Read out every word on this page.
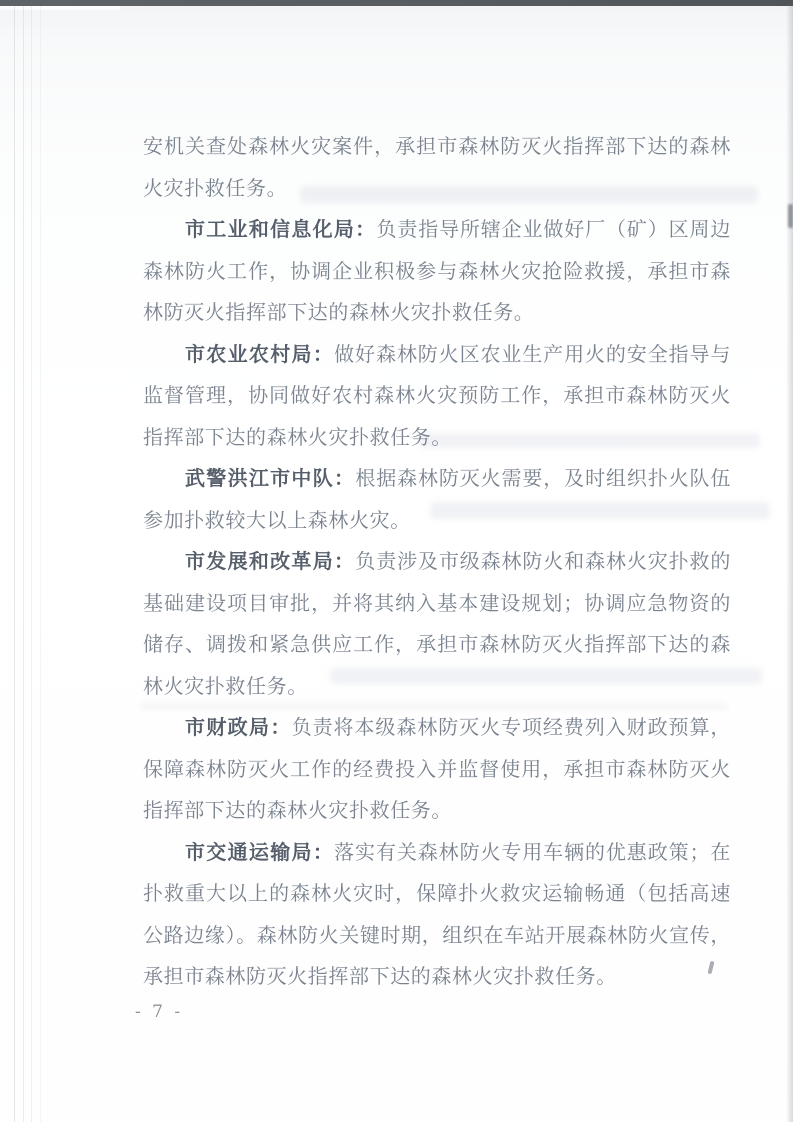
安机关查处森林火灾案件，承担市森林防灭火指挥部下达的森林火灾扑救任务。

市工业和信息化局：负责指导所辖企业做好厂（矿）区周边森林防火工作，协调企业积极参与森林火灾抢险救援，承担市森林防灭火指挥部下达的森林火灾扑救任务。

市农业农村局：做好森林防火区农业生产用火的安全指导与监督管理，协同做好农村森林火灾预防工作，承担市森林防灭火指挥部下达的森林火灾扑救任务。

武警洪江市中队：根据森林防灭火需要，及时组织扑火队伍参加扑救较大以上森林火灾。

市发展和改革局：负责涉及市级森林防火和森林火灾扑救的基础建设项目审批，并将其纳入基本建设规划；协调应急物资的储存、调拨和紧急供应工作，承担市森林防灭火指挥部下达的森林火灾扑救任务。

市财政局：负责将本级森林防灭火专项经费列入财政预算，保障森林防灭火工作的经费投入并监督使用，承担市森林防灭火指挥部下达的森林火灾扑救任务。

市交通运输局：落实有关森林防火专用车辆的优惠政策；在扑救重大以上的森林火灾时，保障扑火救灾运输畅通（包括高速公路边缘）。森林防火关键时期，组织在车站开展森林防火宣传，承担市森林防灭火指挥部下达的森林火灾扑救任务。

- 7 -
